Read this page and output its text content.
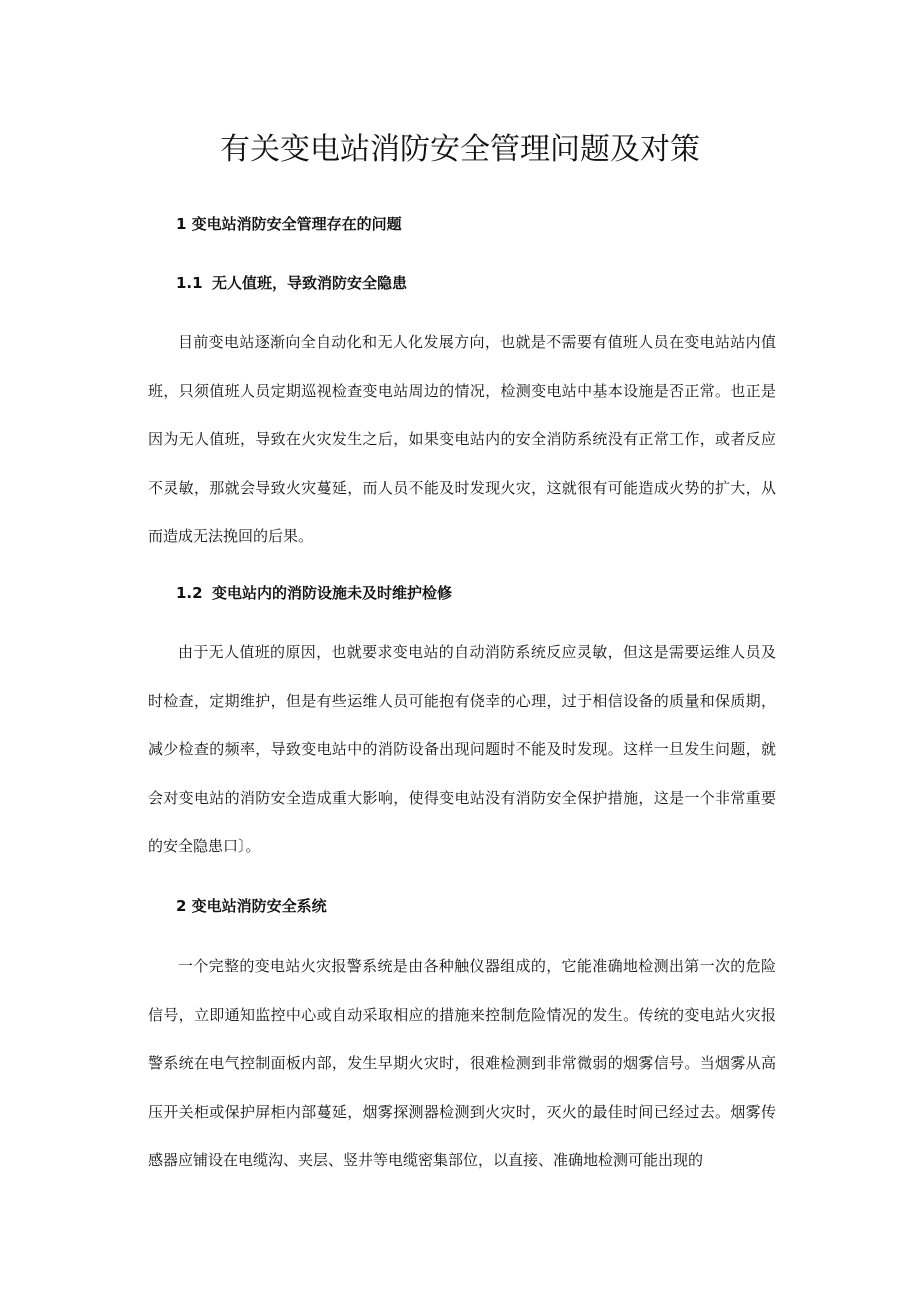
有关变电站消防安全管理问题及对策
1 变电站消防安全管理存在的问题
1.1 无人值班，导致消防安全隐患

目前变电站逐渐向全自动化和无人化发展方向，也就是不需要有值班人员在变电站站内值班，只须值班人员定期巡视检查变电站周边的情况，检测变电站中基本设施是否正常。也正是因为无人值班，导致在火灾发生之后，如果变电站内的安全消防系统没有正常工作，或者反应不灵敏，那就会导致火灾蔓延，而人员不能及时发现火灾，这就很有可能造成火势的扩大，从而造成无法挽回的后果。

1.2 变电站内的消防设施未及时维护检修

由于无人值班的原因，也就要求变电站的自动消防系统反应灵敏，但这是需要运维人员及时检查，定期维护，但是有些运维人员可能抱有侥幸的心理，过于相信设备的质量和保质期，减少检查的频率，导致变电站中的消防设备出现问题时不能及时发现。这样一旦发生问题，就会对变电站的消防安全造成重大影响，使得变电站没有消防安全保护措施，这是一个非常重要的安全隐患口〕。

2 变电站消防安全系统

一个完整的变电站火灾报警系统是由各种触仪器组成的，它能准确地检测出第一次的危险信号，立即通知监控中心或自动采取相应的措施来控制危险情况的发生。传统的变电站火灾报警系统在电气控制面板内部，发生早期火灾时，很难检测到非常微弱的烟雾信号。当烟雾从高压开关柜或保护屏柜内部蔓延，烟雾探测器检测到火灾时，灭火的最佳时间已经过去。烟雾传感器应铺设在电缆沟、夹层、竖井等电缆密集部位，以直接、准确地检测可能出现的
